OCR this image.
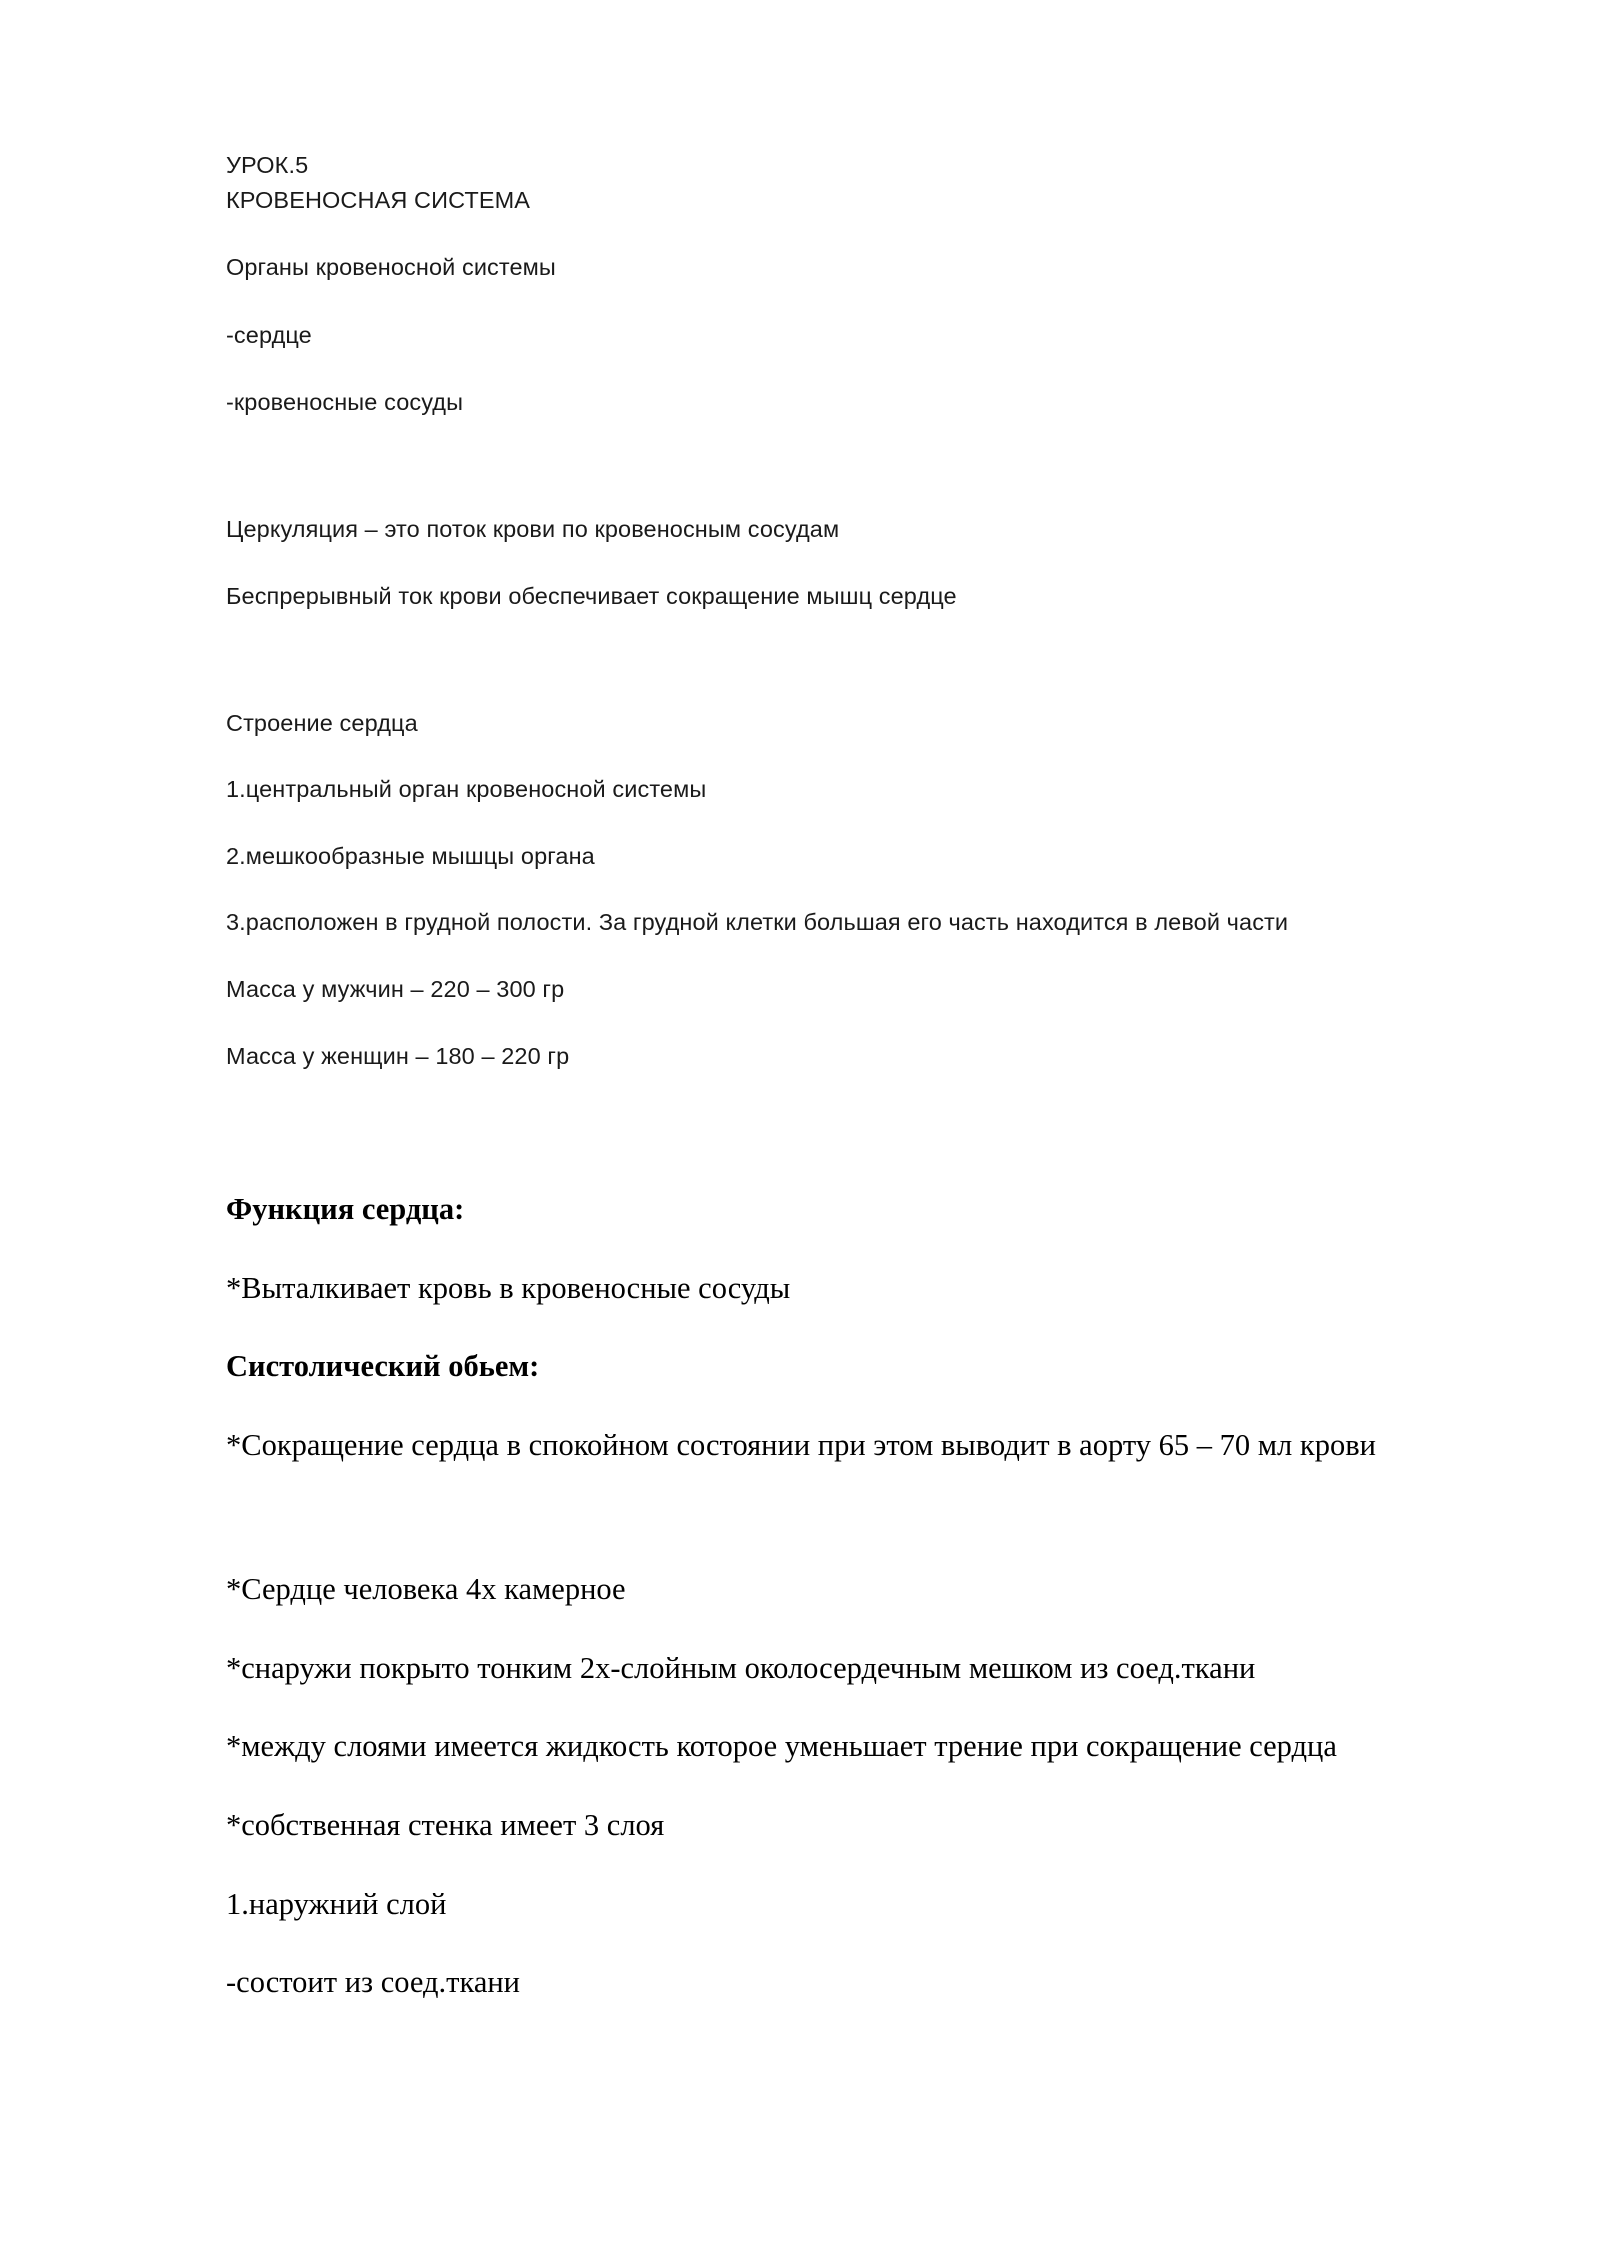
УРОК.5

КРОВЕНОСНАЯ СИСТЕМА

Органы кровеносной системы

-сердце

-кровеносные сосуды

Церкуляция – это поток крови по кровеносным сосудам

Беспрерывный ток крови обеспечивает сокращение мышц сердце

Строение сердца

1.центральный орган кровеносной системы

2.мешкообразные мышцы органа

3.расположен в грудной полости. За грудной клетки большая его часть находится в левой части

Масса у мужчин – 220 – 300 гр

Масса у женщин – 180 – 220 гр

Функция сердца:

*Выталкивает кровь в кровеносные сосуды

Систолический обьем:

*Сокращение сердца в спокойном состоянии при этом выводит в аорту 65 – 70 мл крови

*Сердце человека 4х камерное

*снаружи покрыто тонким 2х-слойным околосердечным мешком из соед.ткани

*между слоями имеется жидкость которое уменьшает трение при сокращение сердца

*собственная стенка имеет 3 слоя

1.наружний слой

-состоит из соед.ткани
